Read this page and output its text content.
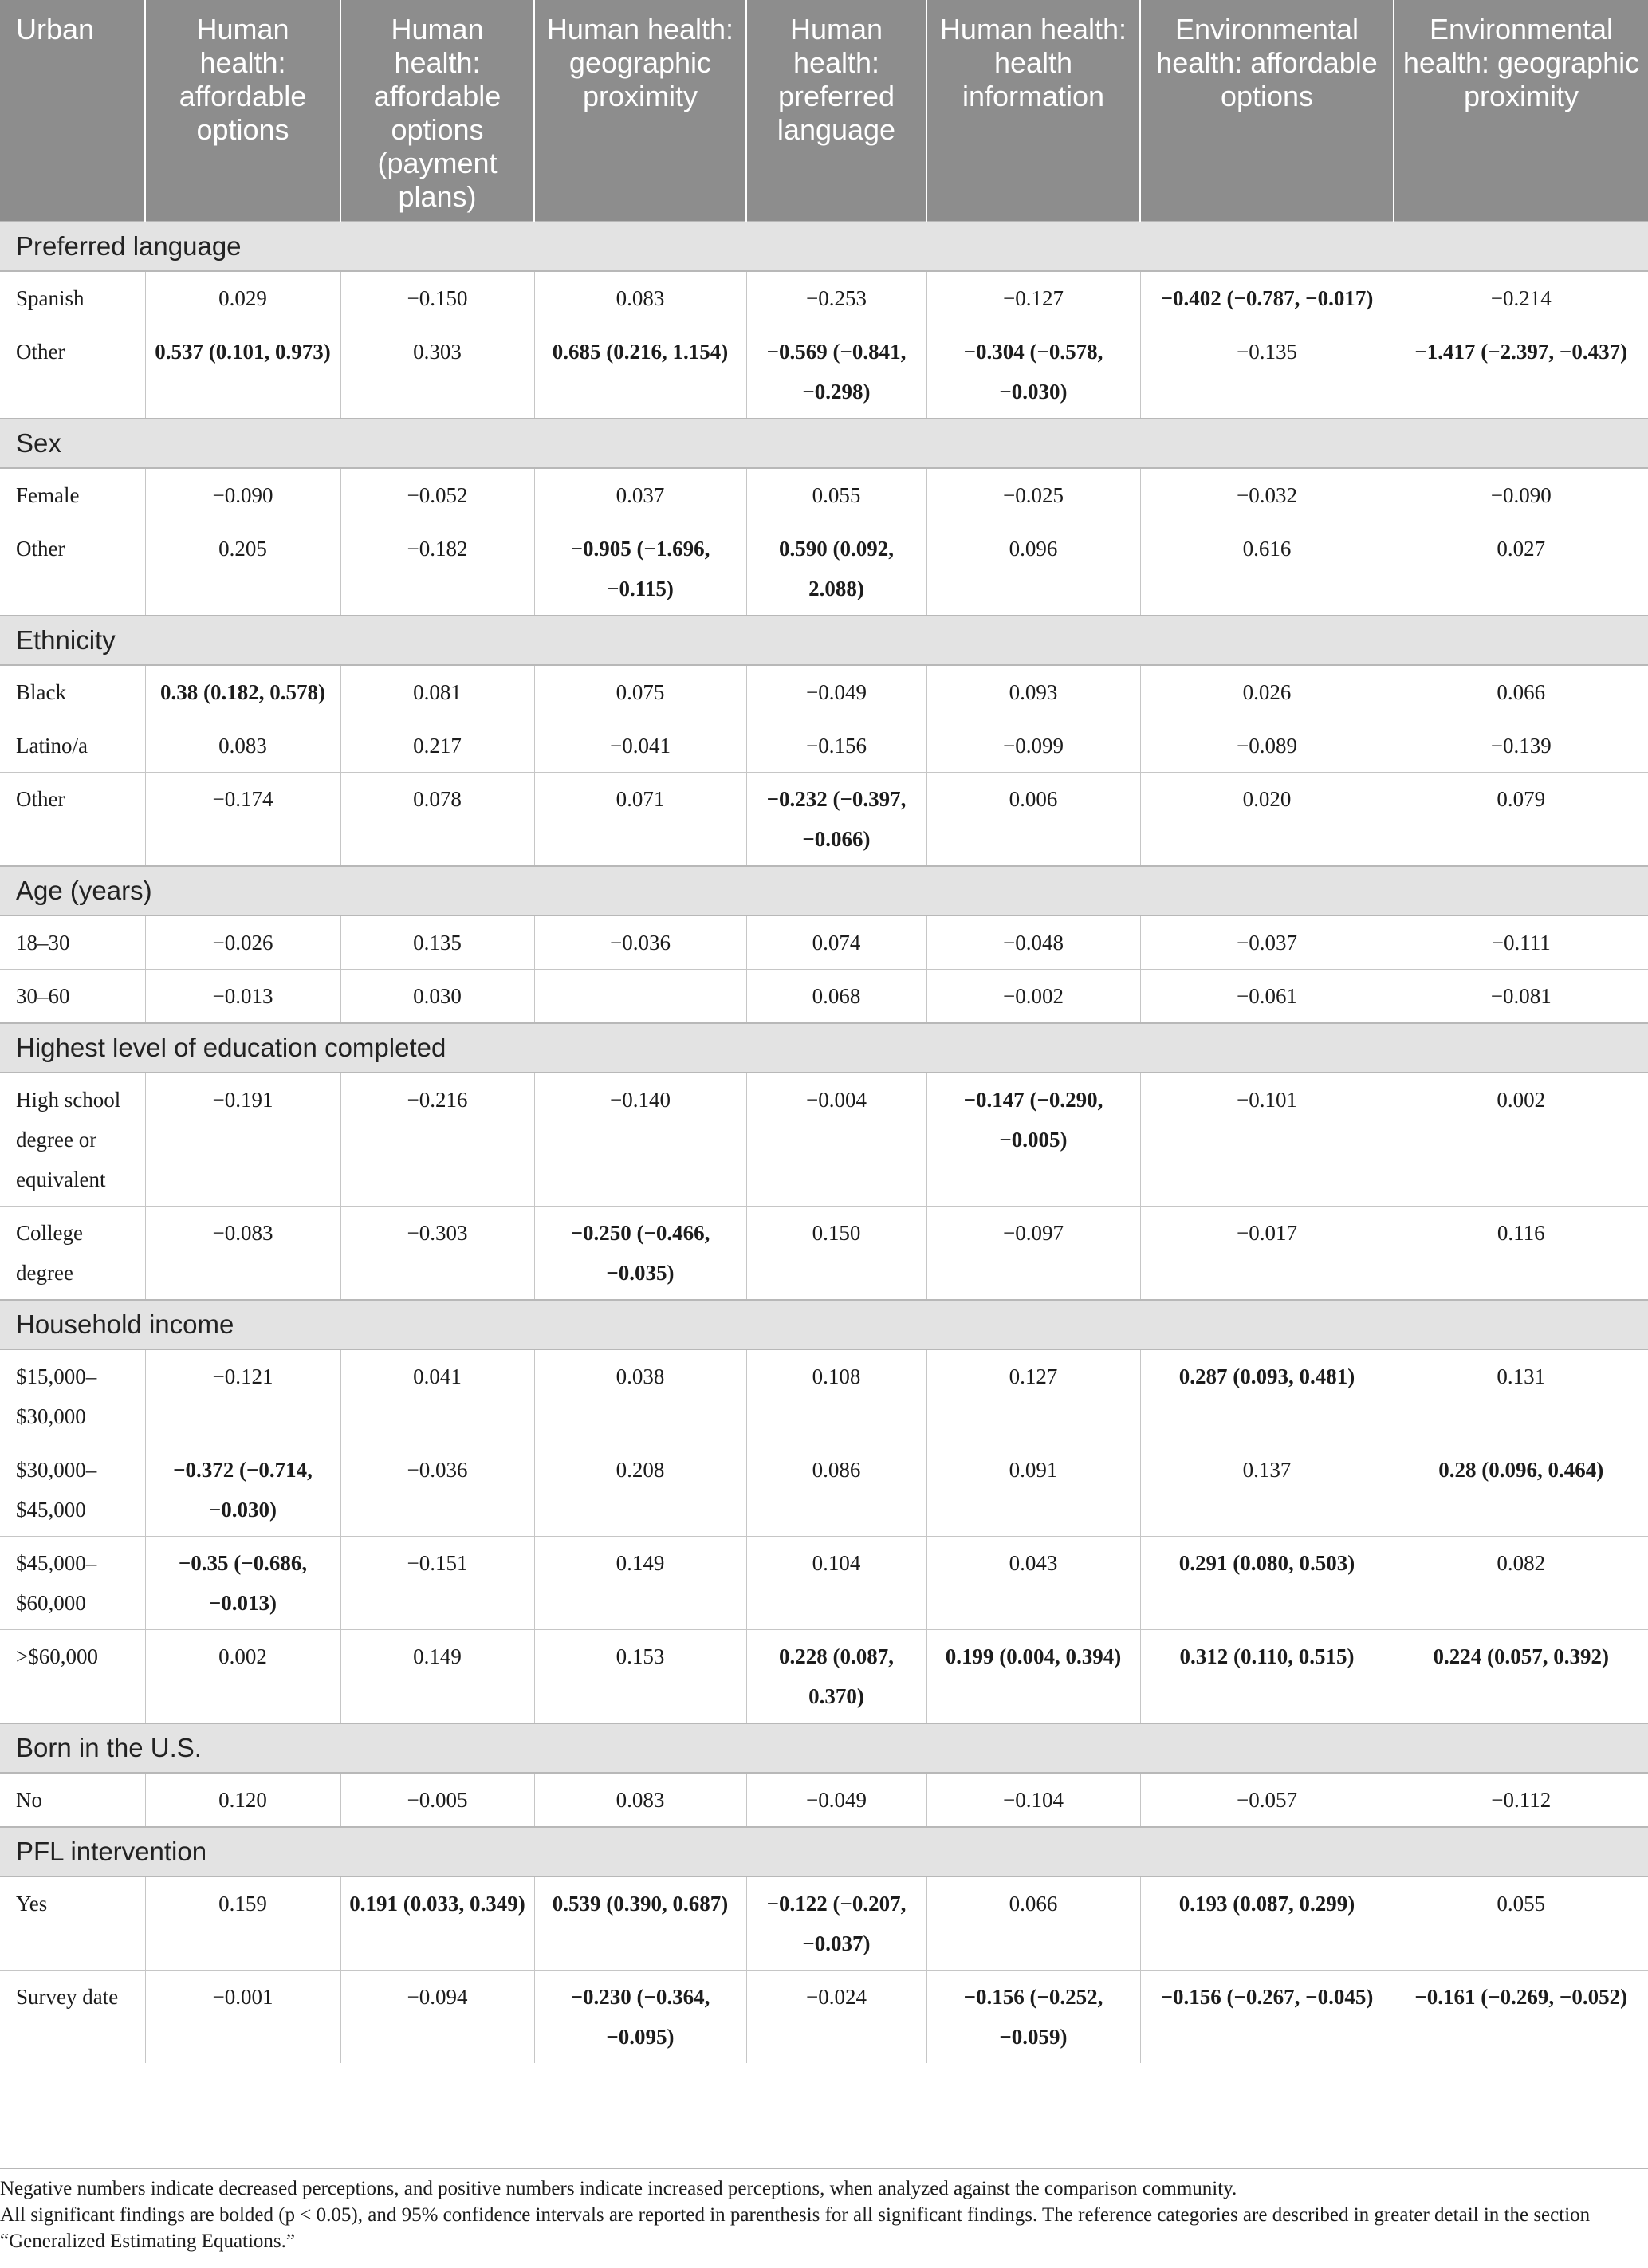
Urban	Human health: affordable options	Human health: affordable options (payment plans)	Human health: geographic proximity	Human health: preferred language	Human health: health information	Environmental health: affordable options	Environmental health: geographic proximity
Preferred language							
Spanish	0.029	−0.150	0.083	−0.253	−0.127	−0.402 (−0.787, −0.017)	−0.214
Other	0.537 (0.101, 0.973)	0.303	0.685 (0.216, 1.154)	−0.569 (−0.841, −0.298)	−0.304 (−0.578, −0.030)	−0.135	−1.417 (−2.397, −0.437)
Sex							
Female	−0.090	−0.052	0.037	0.055	−0.025	−0.032	−0.090
Other	0.205	−0.182	−0.905 (−1.696, −0.115)	0.590 (0.092, 2.088)	0.096	0.616	0.027
Ethnicity							
Black	0.38 (0.182, 0.578)	0.081	0.075	−0.049	0.093	0.026	0.066
Latino/a	0.083	0.217	−0.041	−0.156	−0.099	−0.089	−0.139
Other	−0.174	0.078	0.071	−0.232 (−0.397, −0.066)	0.006	0.020	0.079
Age (years)							
18–30	−0.026	0.135	−0.036	0.074	−0.048	−0.037	−0.111
30–60	−0.013	0.030		0.068	−0.002	−0.061	−0.081
Highest level of education completed							
High school degree or equivalent	−0.191	−0.216	−0.140	−0.004	−0.147 (−0.290, −0.005)	−0.101	0.002
College degree	−0.083	−0.303	−0.250 (−0.466, −0.035)	0.150	−0.097	−0.017	0.116
Household income							
$15,000– $30,000	−0.121	0.041	0.038	0.108	0.127	0.287 (0.093, 0.481)	0.131
$30,000– $45,000	−0.372 (−0.714, −0.030)	−0.036	0.208	0.086	0.091	0.137	0.28 (0.096, 0.464)
$45,000– $60,000	−0.35 (−0.686, −0.013)	−0.151	0.149	0.104	0.043	0.291 (0.080, 0.503)	0.082
>$60,000	0.002	0.149	0.153	0.228 (0.087, 0.370)	0.199 (0.004, 0.394)	0.312 (0.110, 0.515)	0.224 (0.057, 0.392)
Born in the U.S.							
No	0.120	−0.005	0.083	−0.049	−0.104	−0.057	−0.112
PFL intervention							
Yes	0.159	0.191 (0.033, 0.349)	0.539 (0.390, 0.687)	−0.122 (−0.207, −0.037)	0.066	0.193 (0.087, 0.299)	0.055
Survey date	−0.001	−0.094	−0.230 (−0.364, −0.095)	−0.024	−0.156 (−0.252, −0.059)	−0.156 (−0.267, −0.045)	−0.161 (−0.269, −0.052)

Negative numbers indicate decreased perceptions, and positive numbers indicate increased perceptions, when analyzed against the comparison community.

All significant findings are bolded (p < 0.05), and 95% confidence intervals are reported in parenthesis for all significant findings. The reference categories are described in greater detail in the section “Generalized Estimating Equations.”
